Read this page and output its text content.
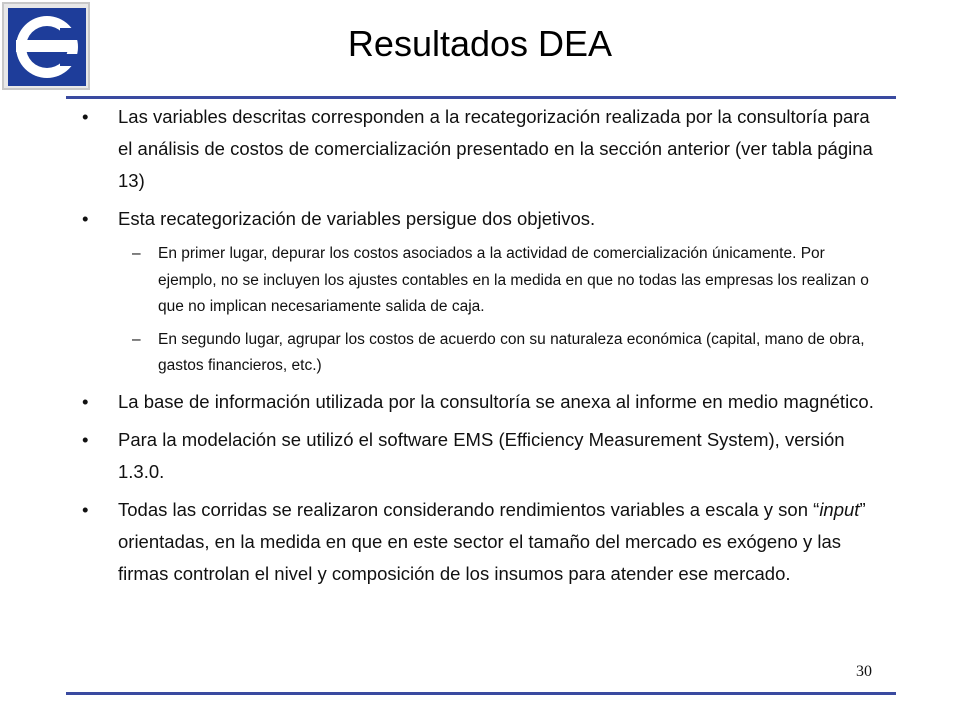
Resultados DEA
• Las variables descritas corresponden a la recategorización realizada por la consultoría para el análisis de costos de comercialización presentado en la sección anterior (ver tabla página 13)
• Esta recategorización de variables persigue dos objetivos.
– En primer lugar, depurar los costos asociados a la actividad de comercialización únicamente. Por ejemplo, no se incluyen los ajustes contables en la medida en que no todas las empresas los realizan o que no implican necesariamente salida de caja.
– En segundo lugar, agrupar los costos de acuerdo con su naturaleza económica (capital, mano de obra, gastos financieros, etc.)
• La base de información utilizada por la consultoría se anexa al informe en medio magnético.
• Para la modelación se utilizó el software EMS (Efficiency Measurement System), versión 1.3.0.
• Todas las corridas se realizaron considerando rendimientos variables a escala y son “input” orientadas, en la medida en que en este sector el tamaño del mercado es exógeno y las firmas controlan el nivel y composición de los insumos para atender ese mercado.
30
